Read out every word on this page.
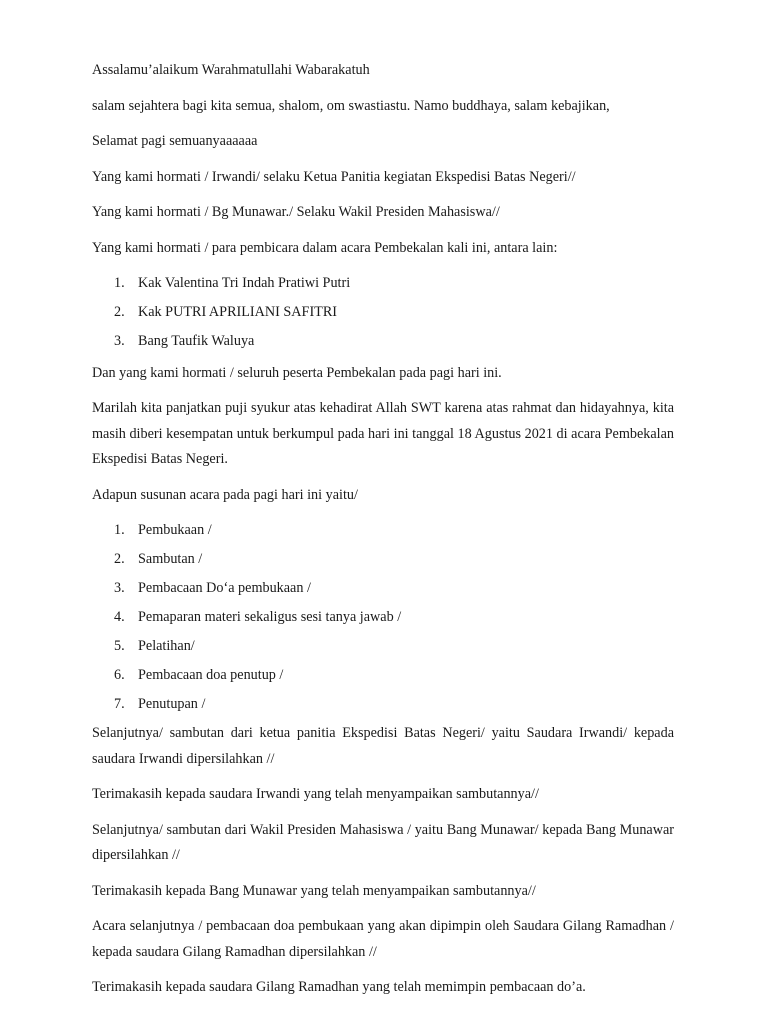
Assalamu’alaikum Warahmatullahi Wabarakatuh

salam sejahtera bagi kita semua, shalom, om swastiastu. Namo buddhaya, salam kebajikan,

Selamat pagi semuanyaaaaaa

Yang kami hormati / Irwandi/ selaku Ketua Panitia kegiatan Ekspedisi Batas Negeri//

Yang kami hormati / Bg Munawar./ Selaku Wakil Presiden Mahasiswa//

Yang kami hormati / para pembicara dalam acara Pembekalan kali ini, antara lain:

1. Kak Valentina Tri Indah Pratiwi Putri
2. Kak PUTRI APRILIANI SAFITRI
3. Bang Taufik Waluya

Dan yang kami hormati / seluruh peserta Pembekalan pada pagi hari ini.

Marilah kita panjatkan puji syukur atas kehadirat Allah SWT karena atas rahmat dan hidayahnya, kita masih diberi kesempatan untuk berkumpul pada hari ini tanggal 18 Agustus 2021 di acara Pembekalan Ekspedisi Batas Negeri.

Adapun susunan acara pada pagi hari ini yaitu/

1. Pembukaan /
2. Sambutan /
3. Pembacaan Do‘a pembukaan /
4. Pemaparan materi sekaligus sesi tanya jawab /
5. Pelatihan/
6. Pembacaan doa penutup /
7. Penutupan /

Selanjutnya/ sambutan dari ketua panitia Ekspedisi Batas Negeri/ yaitu Saudara Irwandi/ kepada saudara Irwandi dipersilahkan //

Terimakasih kepada saudara Irwandi yang telah menyampaikan sambutannya//

Selanjutnya/ sambutan dari Wakil Presiden Mahasiswa / yaitu Bang Munawar/ kepada Bang Munawar dipersilahkan //

Terimakasih kepada Bang Munawar yang telah menyampaikan sambutannya//

Acara selanjutnya / pembacaan doa pembukaan yang akan dipimpin oleh Saudara Gilang Ramadhan / kepada saudara Gilang Ramadhan dipersilahkan //

Terimakasih kepada saudara Gilang Ramadhan yang telah memimpin pembacaan do’a.
